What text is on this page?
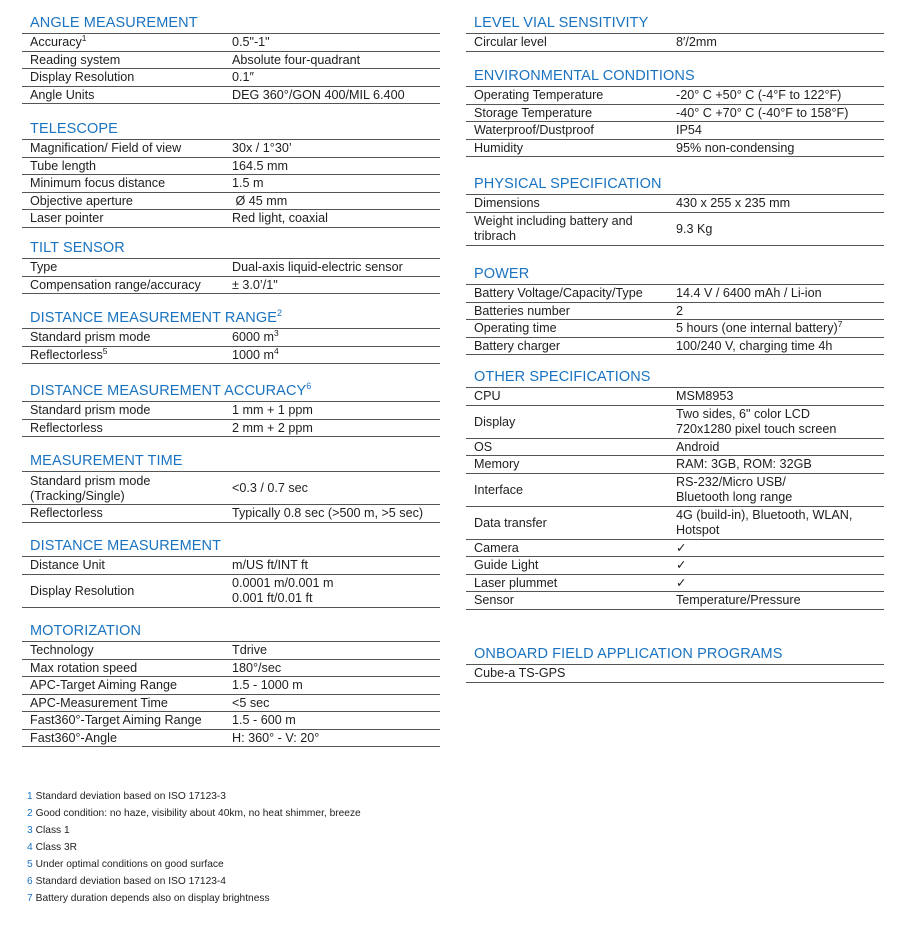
ANGLE MEASUREMENT
Accuracy$^1$	0.5"-1"
Reading system	Absolute four-quadrant
Display Resolution	0.1″
Angle Units	DEG 360°/GON 400/MIL 6.400
TELESCOPE
Magnification/ Field of view	30x / 1°30’
Tube length	164.5 mm
Minimum focus distance	1.5 m
Objective aperture	Ø 45 mm
Laser pointer	Red light, coaxial
TILT SENSOR
Type	Dual-axis liquid-electric sensor
Compensation range/accuracy	± 3.0’/1"
DISTANCE MEASUREMENT RANGE$^2$
Standard prism mode	6000 m$^3$
Reflectorless$^5$	1000 m$^4$
DISTANCE MEASUREMENT ACCURACY$^6$
Standard prism mode	1 mm + 1 ppm
Reflectorless	2 mm + 2 ppm
MEASUREMENT TIME
Standard prism mode
(Tracking/Single)	<0.3 / 0.7 sec
Reflectorless	Typically 0.8 sec (>500 m, >5 sec)
DISTANCE MEASUREMENT
Distance Unit	m/US ft/INT ft
Display Resolution	0.0001 m/0.001 m
0.001 ft/0.01 ft
MOTORIZATION
Technology	Tdrive
Max rotation speed	180°/sec
APC-Target Aiming Range	1.5 - 1000 m
APC-Measurement Time	<5 sec
Fast360°-Target Aiming Range	1.5 - 600 m
Fast360°-Angle	H: 360° - V: 20°
LEVEL VIAL SENSITIVITY
Circular level	8′/2mm
ENVIRONMENTAL CONDITIONS
Operating Temperature	-20° C +50° C (-4°F to 122°F)
Storage Temperature	-40° C +70° C (-40°F to 158°F)
Waterproof/Dustproof	IP54
Humidity	95% non-condensing
PHYSICAL SPECIFICATION
Dimensions	430 x 255 x 235 mm
Weight including battery and
tribrach	9.3 Kg
POWER
Battery Voltage/Capacity/Type	14.4 V / 6400 mAh / Li-ion
Batteries number	2
Operating time	5 hours (one internal battery)$^7$
Battery charger	100/240 V, charging time 4h
OTHER SPECIFICATIONS
CPU	MSM8953
Display	Two sides, 6" color LCD
720x1280 pixel touch screen
OS	Android
Memory	RAM: 3GB, ROM: 32GB
Interface	RS-232/Micro USB/
Bluetooth long range
Data transfer	4G (build-in), Bluetooth, WLAN,
Hotspot
Camera	✓
Guide Light	✓
Laser plummet	✓
Sensor	Temperature/Pressure
ONBOARD FIELD APPLICATION PROGRAMS
Cube-a TS-GPS	
1 Standard deviation based on ISO 17123-3
2 Good condition: no haze, visibility about 40km, no heat shimmer, breeze
3 Class 1
4 Class 3R
5 Under optimal conditions on good surface
6 Standard deviation based on ISO 17123-4
7 Battery duration depends also on display brightness
